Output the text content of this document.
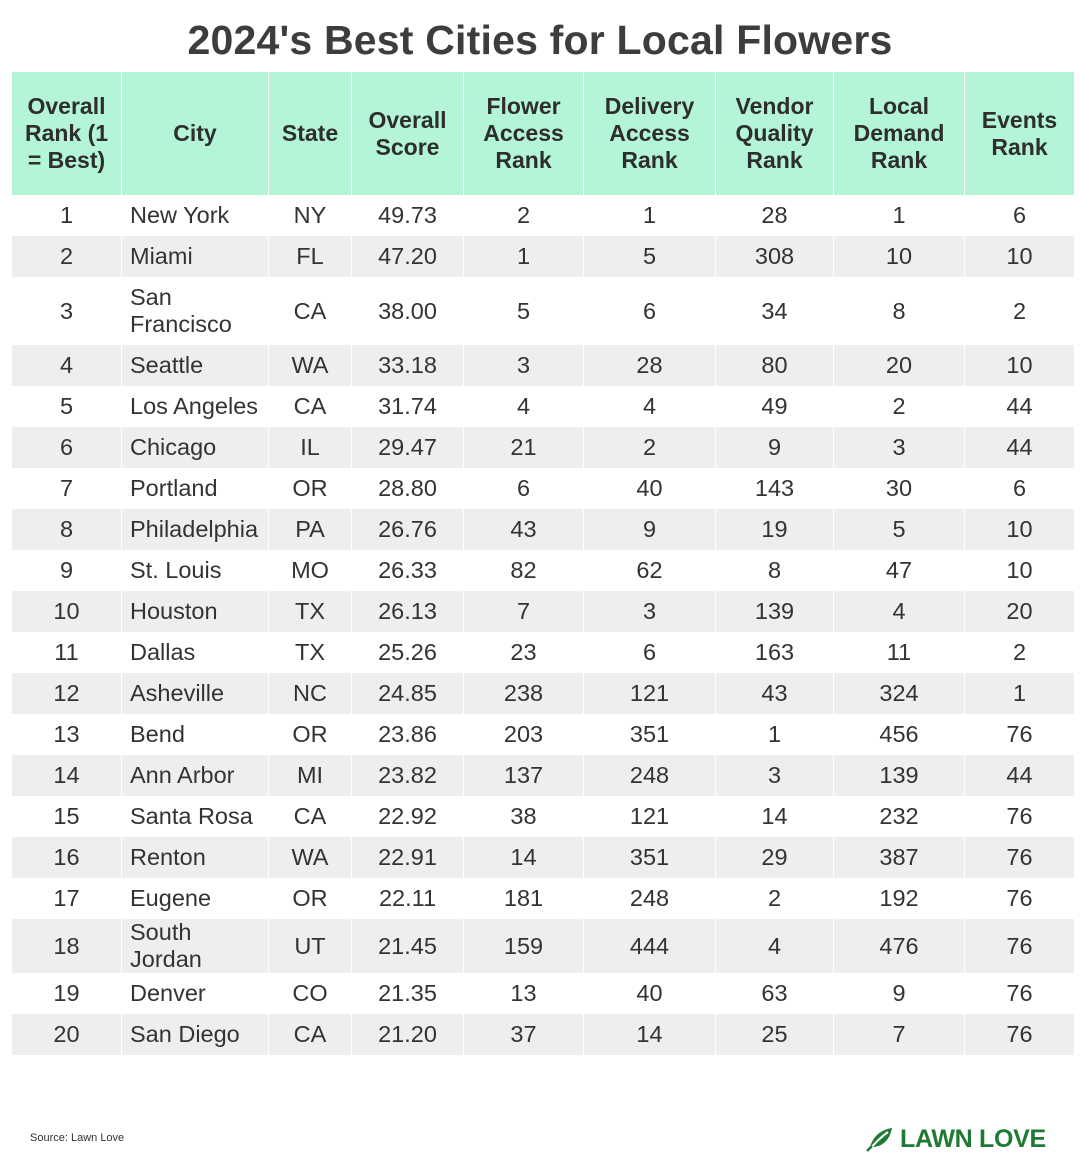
2024's Best Cities for Local Flowers
Overall Rank (1 = Best)	City	State	Overall Score	Flower Access Rank	Delivery Access Rank	Vendor Quality Rank	Local Demand Rank	Events Rank
1	New York	NY	49.73	2	1	28	1	6
2	Miami	FL	47.20	1	5	308	10	10
3	San Francisco	CA	38.00	5	6	34	8	2
4	Seattle	WA	33.18	3	28	80	20	10
5	Los Angeles	CA	31.74	4	4	49	2	44
6	Chicago	IL	29.47	21	2	9	3	44
7	Portland	OR	28.80	6	40	143	30	6
8	Philadelphia	PA	26.76	43	9	19	5	10
9	St. Louis	MO	26.33	82	62	8	47	10
10	Houston	TX	26.13	7	3	139	4	20
11	Dallas	TX	25.26	23	6	163	11	2
12	Asheville	NC	24.85	238	121	43	324	1
13	Bend	OR	23.86	203	351	1	456	76
14	Ann Arbor	MI	23.82	137	248	3	139	44
15	Santa Rosa	CA	22.92	38	121	14	232	76
16	Renton	WA	22.91	14	351	29	387	76
17	Eugene	OR	22.11	181	248	2	192	76
18	South Jordan	UT	21.45	159	444	4	476	76
19	Denver	CO	21.35	13	40	63	9	76
20	San Diego	CA	21.20	37	14	25	7	76
Source: Lawn Love	LAWN LOVE
